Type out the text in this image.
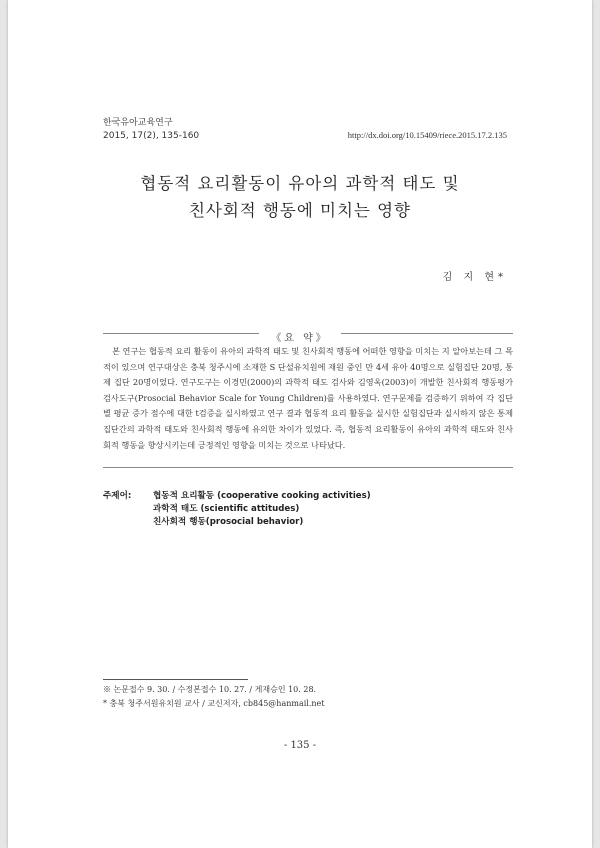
한국유아교육연구
2015, 17(2), 135-160	http://dx.doi.org/10.15409/riece.2015.17.2.135
협동적 요리활동이 유아의 과학적 태도 및
친사회적 행동에 미치는 영향
김 지 현*
《요 약》

본 연구는 협동적 요리 활동이 유아의 과학적 태도 및 친사회적 행동에 어떠한 영향을 미치는 지 알아보는데 그 목적이 있으며 연구대상은 충북 청주시에 소재한 S 단설유치원에 재원 중인 만 4세 유아 40명으로 실험집단 20명, 통제 집단 20명이었다. 연구도구는 이경민(2000)의 과학적 태도 검사와 김영옥(2003)이 개발한 친사회적 행동평가 검사도구(Prosocial Behavior Scale for Young Children)를 사용하였다. 연구문제를 검증하기 위하여 각 집단별 평균 증가 점수에 대한 t검증을 실시하였고 연구 결과 협동적 요리 활동을 실시한 실험집단과 실시하지 않은 통제집단간의 과학적 태도와 친사회적 행동에 유의한 차이가 있었다. 즉, 협동적 요리활동이 유아의 과학적 태도와 친사회적 행동을 향상시키는데 긍정적인 영향을 미치는 것으로 나타났다.

주제어:	협동적 요리활동 (cooperative cooking activities)
과학적 태도 (scientific attitudes)
친사회적 행동(prosocial behavior)
※ 논문접수 9. 30. / 수정본접수 10. 27. / 게재승인 10. 28.
* 충북 청주서원유치원 교사 / 교신저자, cb845@hanmail.net
- 135 -
